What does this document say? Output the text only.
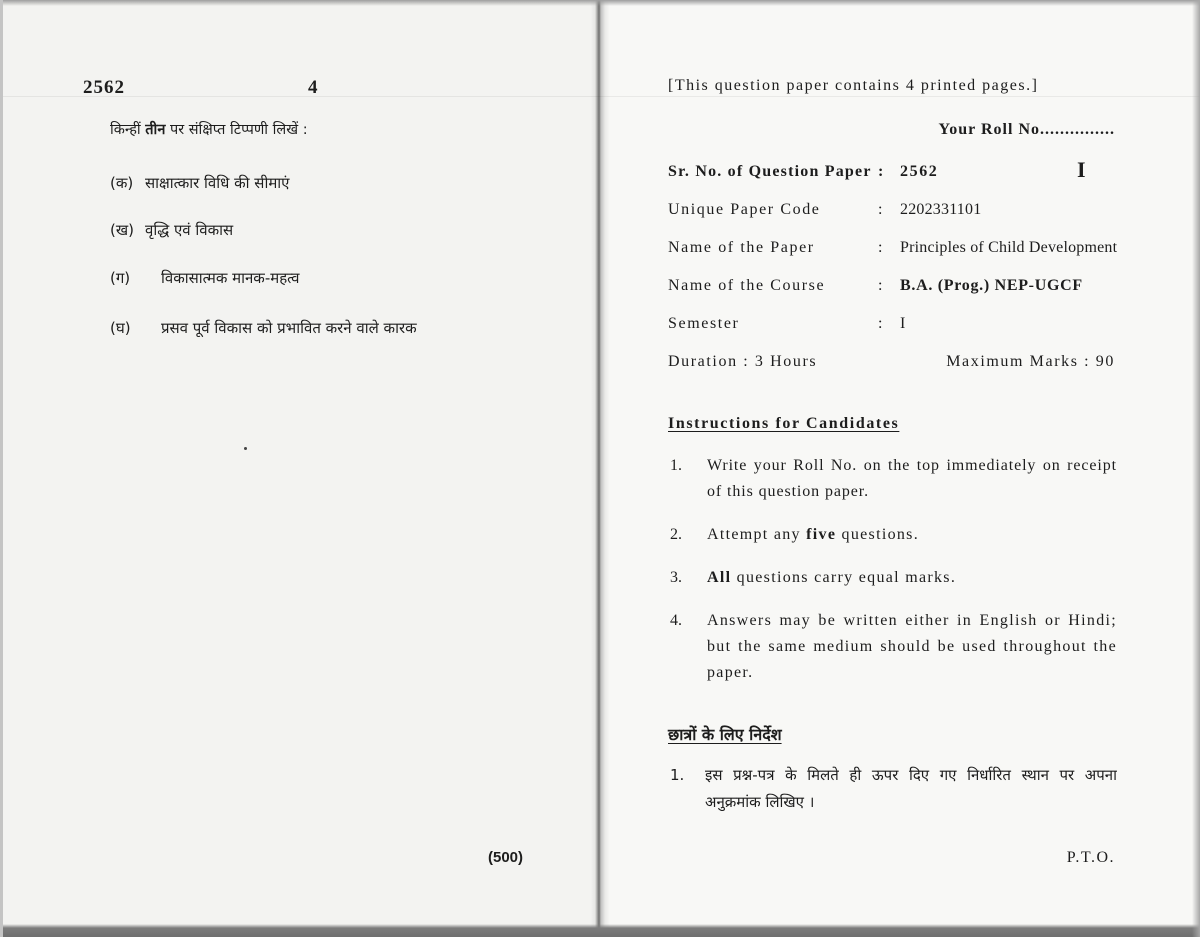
2562	4
किन्हीं तीन पर संक्षिप्त टिप्पणी लिखें :
(क) साक्षात्कार विधि की सीमाएं
(ख) वृद्धि एवं विकास
(ग)	विकासात्मक मानक-महत्व
(घ)	प्रसव पूर्व विकास को प्रभावित करने वाले कारक
(500)
[This question paper contains 4 printed pages.]
Your Roll No...............
Sr. No. of Question Paper :	2562	I
Unique Paper Code	:	2202331101
Name of the Paper	:	Principles of Child Development
Name of the Course	:	B.A. (Prog.) NEP-UGCF
Semester	:	I
Duration : 3 Hours	Maximum Marks : 90
Instructions for Candidates
1.	Write your Roll No. on the top immediately on receipt
of this question paper.
2.	Attempt any five questions.
3.	All questions carry equal marks.
4.	Answers may be written either in English or Hindi;
but the same medium should be used throughout the
paper.
छात्रों के लिए निर्देश
1.	इस प्रश्न-पत्र के मिलते ही ऊपर दिए गए निर्धारित स्थान पर अपना
अनुक्रमांक लिखिए ।
P.T.O.
